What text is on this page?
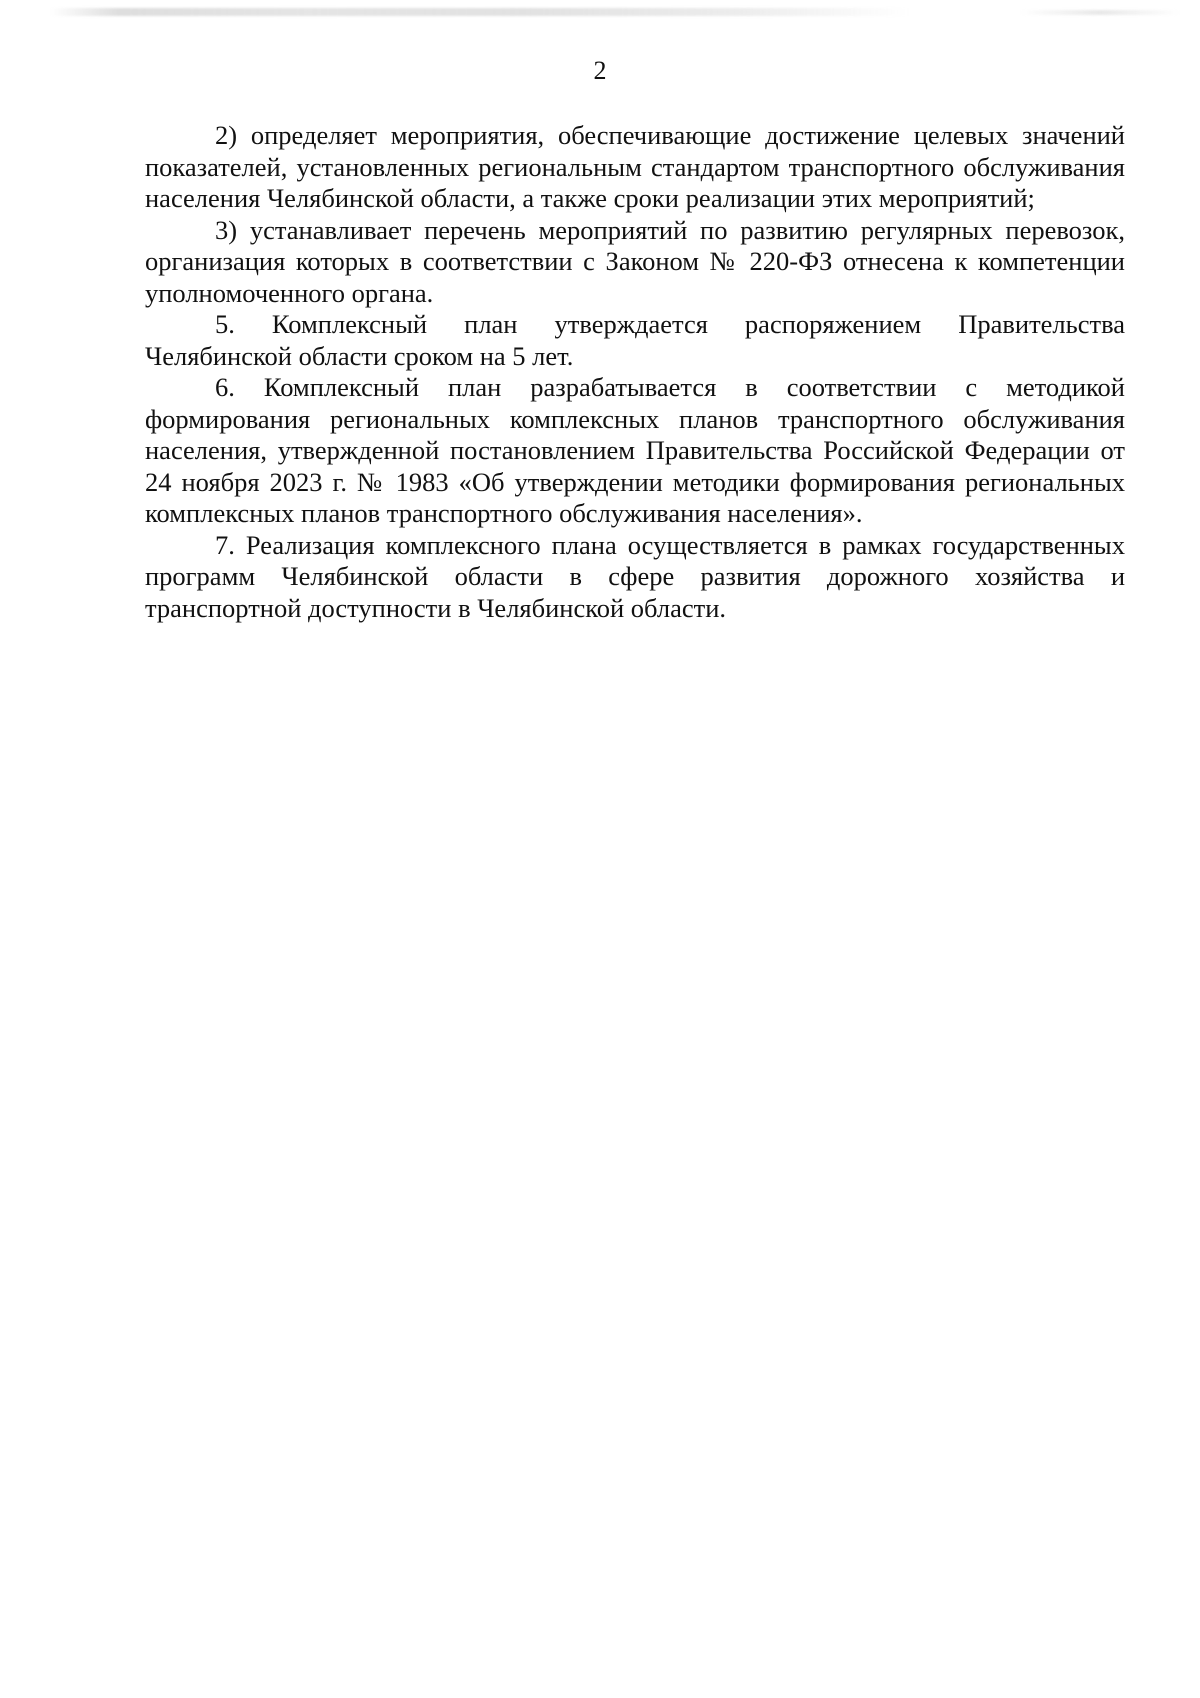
2

2) определяет мероприятия, обеспечивающие достижение целевых значений показателей, установленных региональным стандартом транспортного обслуживания населения Челябинской области, а также сроки реализации этих мероприятий;

3) устанавливает перечень мероприятий по развитию регулярных перевозок, организация которых в соответствии с Законом № 220-ФЗ отнесена к компетенции уполномоченного органа.

5. Комплексный план утверждается распоряжением Правительства Челябинской области сроком на 5 лет.

6. Комплексный план разрабатывается в соответствии с методикой формирования региональных комплексных планов транспортного обслуживания населения, утвержденной постановлением Правительства Российской Федерации от 24 ноября 2023 г. № 1983 «Об утверждении методики формирования региональных комплексных планов транспортного обслуживания населения».

7. Реализация комплексного плана осуществляется в рамках государственных программ Челябинской области в сфере развития дорожного хозяйства и транспортной доступности в Челябинской области.
